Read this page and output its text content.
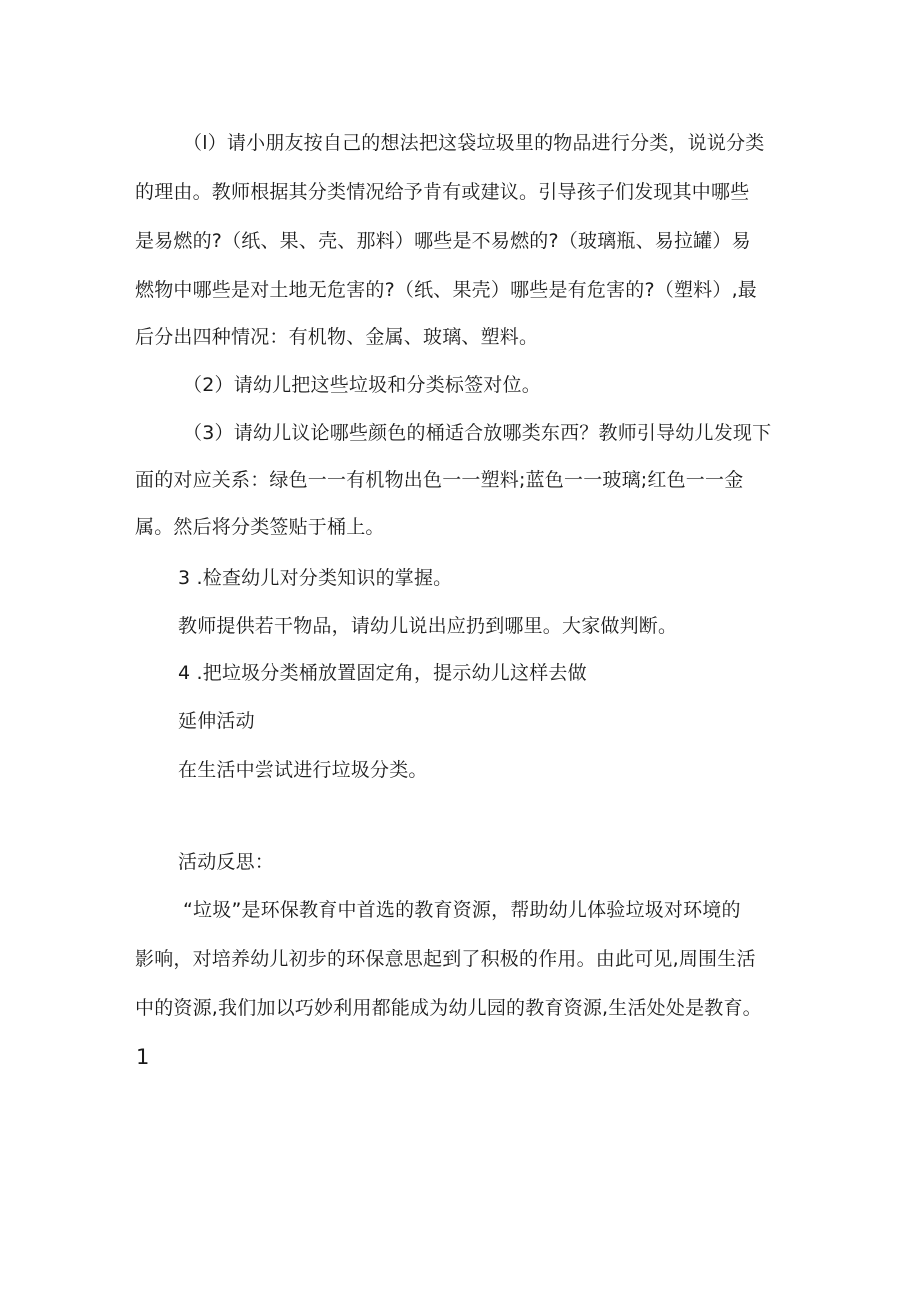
（l）请小朋友按自己的想法把这袋垃圾里的物品进行分类，说说分类
的理由。教师根据其分类情况给予肯有或建议。引导孩子们发现其中哪些
是易燃的?（纸、果、壳、那料）哪些是不易燃的?（玻璃瓶、易拉罐）易
燃物中哪些是对土地无危害的?（纸、果壳）哪些是有危害的?（塑料）,最
后分出四种情况：有机物、金属、玻璃、塑料。
（2）请幼儿把这些垃圾和分类标签对位。
（3）请幼儿议论哪些颜色的桶适合放哪类东西？教师引导幼儿发现下
面的对应关系：绿色一一有机物出色一一塑料;蓝色一一玻璃;红色一一金
属。然后将分类签贴于桶上。
3 .检查幼儿对分类知识的掌握。
教师提供若干物品，请幼儿说出应扔到哪里。大家做判断。
4 .把垃圾分类桶放置固定角，提示幼儿这样去做
延伸活动
在生活中尝试进行垃圾分类。
活动反思：
“垃圾”是环保教育中首选的教育资源，帮助幼儿体验垃圾对环境的
影响，对培养幼儿初步的环保意思起到了积极的作用。由此可见,周围生活
中的资源,我们加以巧妙利用都能成为幼儿园的教育资源,生活处处是教育。
1
